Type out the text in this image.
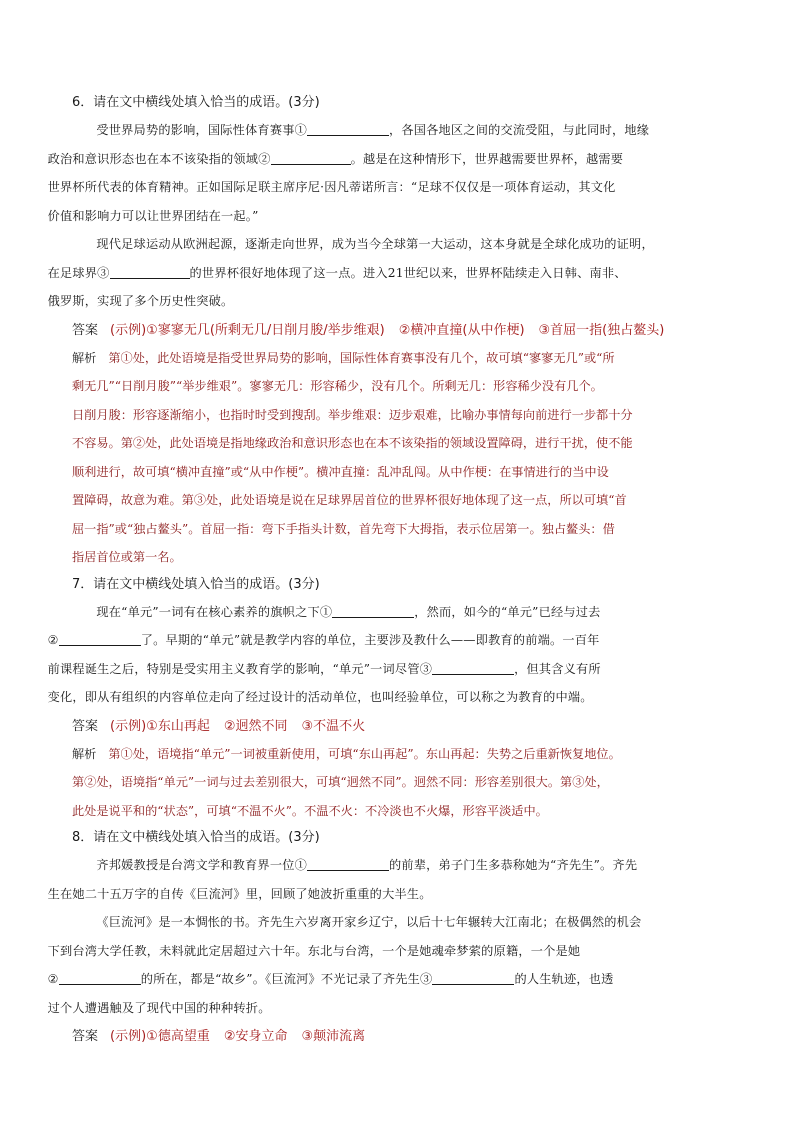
6．请在文中横线处填入恰当的成语。(3分)

受世界局势的影响，国际性体育赛事①	，各国各地区之间的交流受阻，与此同时，地缘
政治和意识形态也在本不该染指的领域②	。越是在这种情形下，世界越需要世界杯，越需要
世界杯所代表的体育精神。正如国际足联主席序尼·因凡蒂诺所言：“足球不仅仅是一项体育运动，其文化
价值和影响力可以让世界团结在一起。”
现代足球运动从欧洲起源，逐渐走向世界，成为当今全球第一大运动，这本身就是全球化成功的证明，
在足球界③	的世界杯很好地体现了这一点。进入21世纪以来，世界杯陆续走入日韩、南非、
俄罗斯，实现了多个历史性突破。

答案 (示例)①寥寥无几(所剩无几/日削月朘/举步维艰) ②横冲直撞(从中作梗) ③首屈一指(独占鳌头)

解析 第①处，此处语境是指受世界局势的影响，国际性体育赛事没有几个，故可填“寥寥无几”或“所
剩无几”“日削月朘”“举步维艰”。寥寥无几：形容稀少，没有几个。所剩无几：形容稀少没有几个。
日削月朘：形容逐渐缩小，也指时时受到搜刮。举步维艰：迈步艰难，比喻办事情每向前进行一步都十分
不容易。第②处，此处语境是指地缘政治和意识形态也在本不该染指的领域设置障碍，进行干扰，使不能
顺利进行，故可填“横冲直撞”或“从中作梗”。横冲直撞：乱冲乱闯。从中作梗：在事情进行的当中设
置障碍，故意为难。第③处，此处语境是说在足球界居首位的世界杯很好地体现了这一点，所以可填“首
屈一指”或“独占鳌头”。首屈一指：弯下手指头计数，首先弯下大拇指，表示位居第一。独占鳌头：借
指居首位或第一名。

7．请在文中横线处填入恰当的成语。(3分)

现在“单元”一词有在核心素养的旗帜之下①	，然而，如今的“单元”已经与过去
②	了。早期的“单元”就是教学内容的单位，主要涉及教什么——即教育的前端。一百年
前课程诞生之后，特别是受实用主义教育学的影响，“单元”一词尽管③	，但其含义有所
变化，即从有组织的内容单位走向了经过设计的活动单位，也叫经验单位，可以称之为教育的中端。

答案 (示例)①东山再起 ②迥然不同 ③不温不火

解析 第①处，语境指“单元”一词被重新使用，可填“东山再起”。东山再起：失势之后重新恢复地位。
第②处，语境指“单元”一词与过去差别很大，可填“迥然不同”。迥然不同：形容差别很大。第③处，
此处是说平和的“状态”，可填“不温不火”。不温不火：不冷淡也不火爆，形容平淡适中。

8．请在文中横线处填入恰当的成语。(3分)

齐邦媛教授是台湾文学和教育界一位①	的前辈，弟子门生多恭称她为“齐先生”。齐先
生在她二十五万字的自传《巨流河》里，回顾了她波折重重的大半生。
《巨流河》是一本惆怅的书。齐先生六岁离开家乡辽宁，以后十七年辗转大江南北；在极偶然的机会
下到台湾大学任教，未料就此定居超过六十年。东北与台湾，一个是她魂牵梦萦的原籍，一个是她
②	的所在，都是“故乡”。《巨流河》不光记录了齐先生③	的人生轨迹，也透
过个人遭遇触及了现代中国的种种转折。

答案 (示例)①德高望重 ②安身立命 ③颠沛流离
